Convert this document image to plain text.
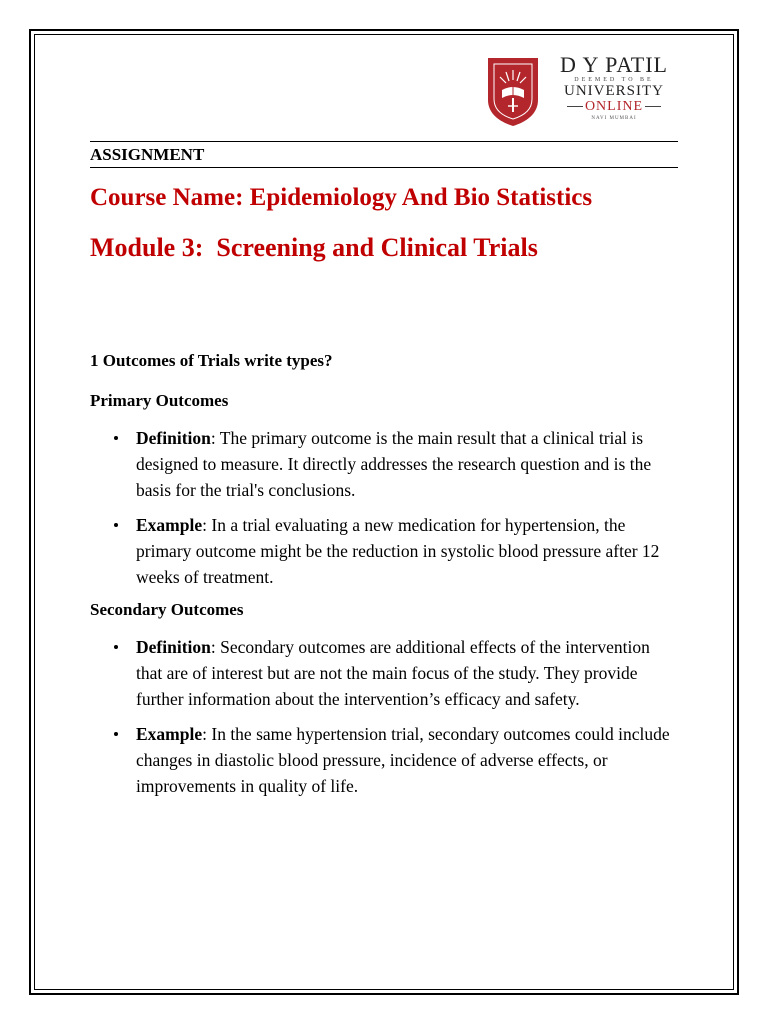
D Y PATIL
DEEMED TO BE
UNIVERSITY
ONLINE
NAVI MUMBAI
ASSIGNMENT
Course Name: Epidemiology And Bio Statistics
Module 3:  Screening and Clinical Trials
1 Outcomes of Trials write types?
Primary Outcomes
Definition: The primary outcome is the main result that a clinical trial is designed to measure. It directly addresses the research question and is the basis for the trial's conclusions.
Example: In a trial evaluating a new medication for hypertension, the primary outcome might be the reduction in systolic blood pressure after 12 weeks of treatment.
Secondary Outcomes
Definition: Secondary outcomes are additional effects of the intervention that are of interest but are not the main focus of the study. They provide further information about the intervention’s efficacy and safety.
Example: In the same hypertension trial, secondary outcomes could include changes in diastolic blood pressure, incidence of adverse effects, or improvements in quality of life.
